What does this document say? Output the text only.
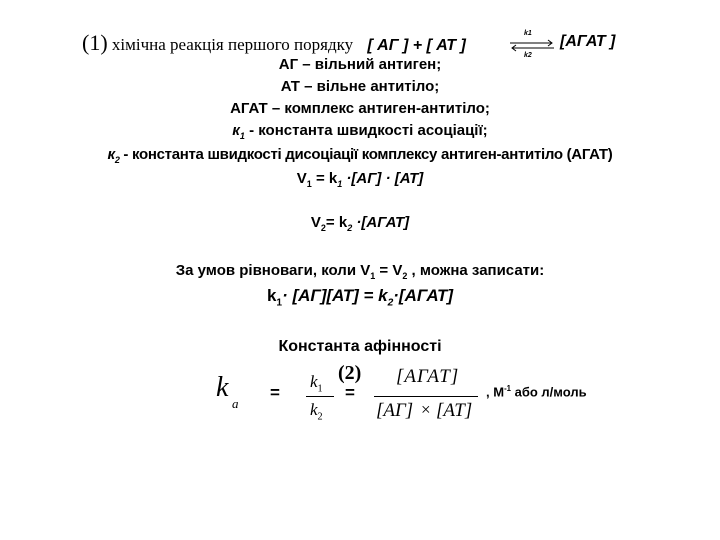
(1) хімічна реакція першого порядку [ АГ ] + [ АТ ]
k1
k2
[АГАТ ]
АГ – вільний антиген;
АТ – вільне антитіло;
АГАТ – комплекс антиген-антитіло;
$к_1$ - константа швидкості асоціації;
$к_2$ - константа швидкості дисоціації комплексу антиген-антитіло (АГАТ)
$V_1 = k_1 \cdot[АГ] \cdot [АТ]$
$V_2= k_2$ ·[АГАТ]
За умов рівноваги, коли $V_1 = V_2$ , можна записати:
$k_1\cdot [АГ][АТ]$ = $k_2\cdot[АГАТ]$
Константа афінності
k
a
=
(2)
$k_1$
$k_2$
=
[АГАТ]
[АГ] × [АТ]
, $М^{-1}$ або л/моль
